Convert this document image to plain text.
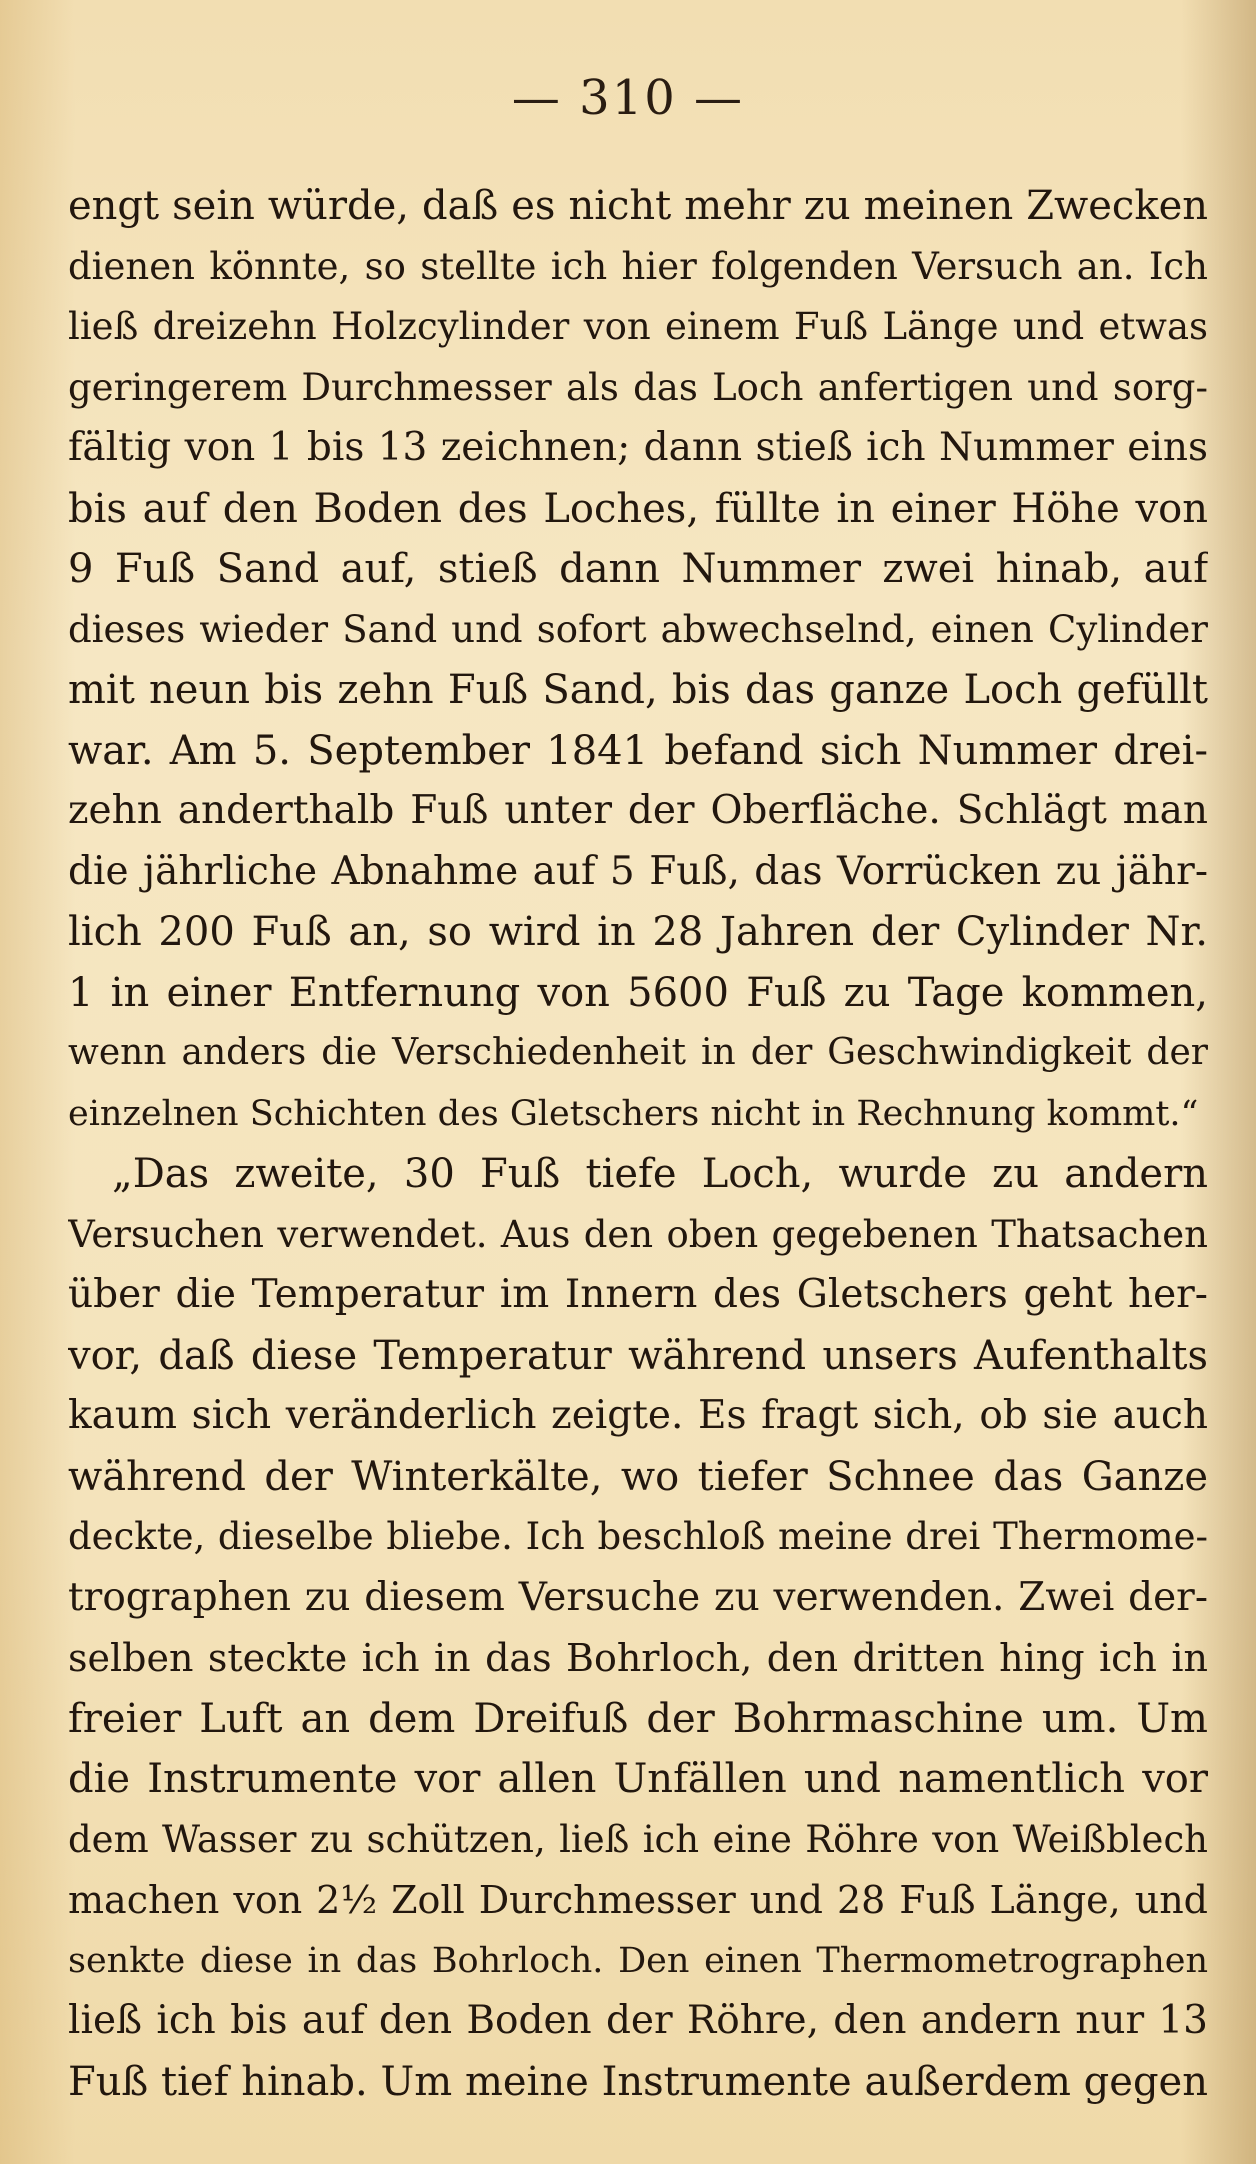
— 310 —
engt sein würde, daß es nicht mehr zu meinen Zwecken
dienen könnte, so stellte ich hier folgenden Versuch an. Ich
ließ dreizehn Holzcylinder von einem Fuß Länge und etwas
geringerem Durchmesser als das Loch anfertigen und sorg-
fältig von 1 bis 13 zeichnen; dann stieß ich Nummer eins
bis auf den Boden des Loches, füllte in einer Höhe von
9 Fuß Sand auf, stieß dann Nummer zwei hinab, auf
dieses wieder Sand und sofort abwechselnd, einen Cylinder
mit neun bis zehn Fuß Sand, bis das ganze Loch gefüllt
war. Am 5. September 1841 befand sich Nummer drei-
zehn anderthalb Fuß unter der Oberfläche. Schlägt man
die jährliche Abnahme auf 5 Fuß, das Vorrücken zu jähr-
lich 200 Fuß an, so wird in 28 Jahren der Cylinder Nr.
1 in einer Entfernung von 5600 Fuß zu Tage kommen,
wenn anders die Verschiedenheit in der Geschwindigkeit der
einzelnen Schichten des Gletschers nicht in Rechnung kommt.“
„Das zweite, 30 Fuß tiefe Loch, wurde zu andern
Versuchen verwendet. Aus den oben gegebenen Thatsachen
über die Temperatur im Innern des Gletschers geht her-
vor, daß diese Temperatur während unsers Aufenthalts
kaum sich veränderlich zeigte. Es fragt sich, ob sie auch
während der Winterkälte, wo tiefer Schnee das Ganze
deckte, dieselbe bliebe. Ich beschloß meine drei Thermome-
trographen zu diesem Versuche zu verwenden. Zwei der-
selben steckte ich in das Bohrloch, den dritten hing ich in
freier Luft an dem Dreifuß der Bohrmaschine um. Um
die Instrumente vor allen Unfällen und namentlich vor
dem Wasser zu schützen, ließ ich eine Röhre von Weißblech
machen von 2½ Zoll Durchmesser und 28 Fuß Länge, und
senkte diese in das Bohrloch. Den einen Thermometrographen
ließ ich bis auf den Boden der Röhre, den andern nur 13
Fuß tief hinab. Um meine Instrumente außerdem gegen
